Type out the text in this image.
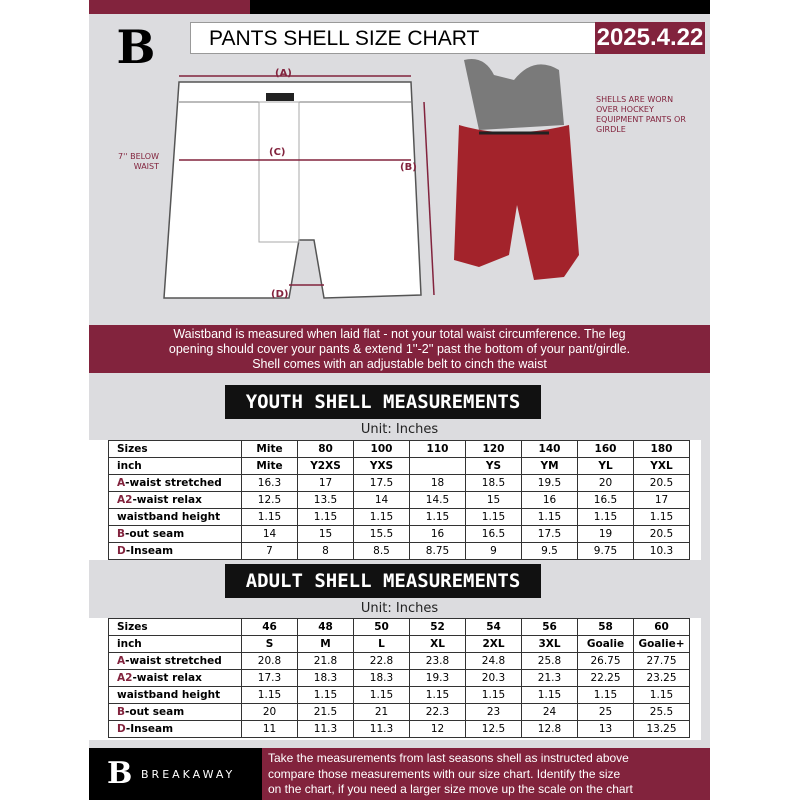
B	PANTS SHELL SIZE CHART	2025.4.22
(A)
(C)
(B)
(D)
7'' BELOW WAIST
SHELLS ARE WORN OVER HOCKEY EQUIPMENT PANTS OR GIRDLE
Waistband is measured when laid flat - not your total waist circumference. The leg
opening should cover your pants & extend 1''-2'' past the bottom of your pant/girdle.
Shell comes with an adjustable belt to cinch the waist
Sizes	Mite	80	100	110	120	140	160	180
inch	Mite	Y2XS	YXS		YS	YM	YL	YXL
A-waist stretched	16.3	17	17.5	18	18.5	19.5	20	20.5
A2-waist relax	12.5	13.5	14	14.5	15	16	16.5	17
waistband height	1.15	1.15	1.15	1.15	1.15	1.15	1.15	1.15
B-out seam	14	15	15.5	16	16.5	17.5	19	20.5
D-Inseam	7	8	8.5	8.75	9	9.5	9.75	10.3
YOUTH SHELL MEASUREMENTS
Unit: Inches
Sizes	46	48	50	52	54	56	58	60
inch	S	M	L	XL	2XL	3XL	Goalie	Goalie+
A-waist stretched	20.8	21.8	22.8	23.8	24.8	25.8	26.75	27.75
A2-waist relax	17.3	18.3	18.3	19.3	20.3	21.3	22.25	23.25
waistband height	1.15	1.15	1.15	1.15	1.15	1.15	1.15	1.15
B-out seam	20	21.5	21	22.3	23	24	25	25.5
D-Inseam	11	11.3	11.3	12	12.5	12.8	13	13.25
ADULT SHELL MEASUREMENTS
Unit: Inches
B BREAKAWAY
Take the measurements from last seasons shell as instructed above
compare those measurements with our size chart. Identify the size
on the chart, if you need a larger size move up the scale on the chart
